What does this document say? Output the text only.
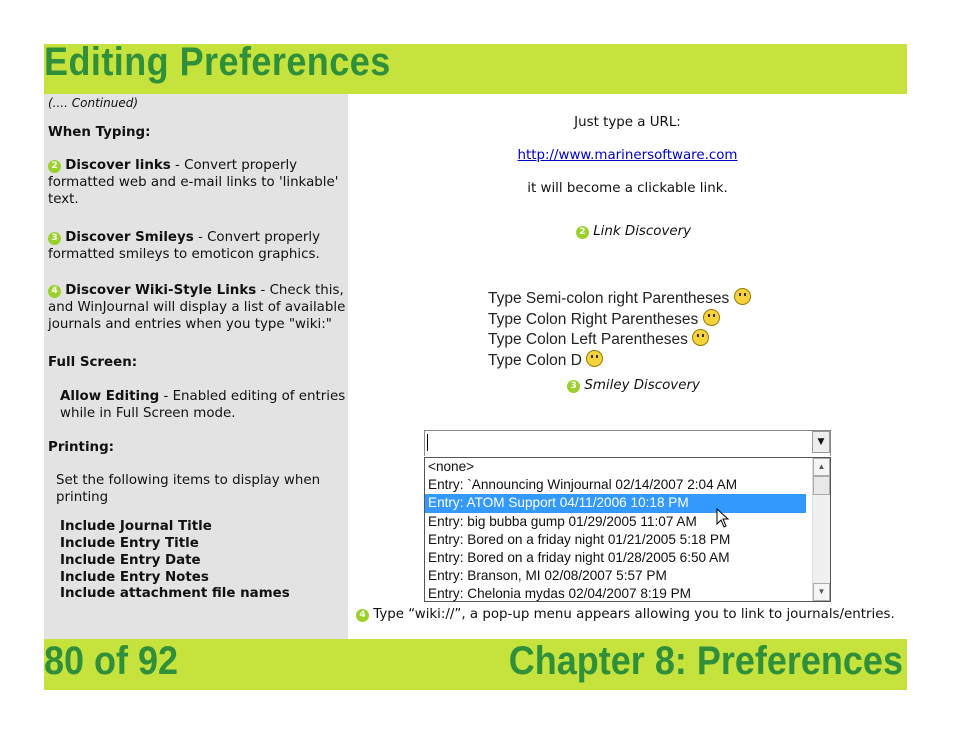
Editing Preferences

(.... Continued)

When Typing:

2 Discover links - Convert properly formatted web and e-mail links to 'linkable' text.

3 Discover Smileys - Convert properly formatted smileys to emoticon graphics.

4 Discover Wiki-Style Links - Check this, and WinJournal will display a list of available journals and entries when you type "wiki:"

Full Screen:

Allow Editing - Enabled editing of entries while in Full Screen mode.

Printing:

Set the following items to display when printing

Include Journal Title

Include Entry Title

Include Entry Date

Include Entry Notes

Include attachment file names

Just type a URL:
http://www.marinersoftware.com
it will become a clickable link.
2 Link Discovery
Type Semi-colon right Parentheses
Type Colon Right Parentheses
Type Colon Left Parentheses
Type Colon D
3 Smiley Discovery
▼
<none>
Entry: `Announcing Winjournal 02/14/2007 2:04 AM
Entry: ATOM Support 04/11/2006 10:18 PM
Entry: big bubba gump 01/29/2005 11:07 AM
Entry: Bored on a friday night 01/21/2005 5:18 PM
Entry: Bored on a friday night 01/28/2005 6:50 AM
Entry: Branson, MI 02/08/2007 5:57 PM
Entry: Chelonia mydas 02/04/2007 8:19 PM
▲
▼
4 Type “wiki://”, a pop-up menu appears allowing you to link to journals/entries.
80 of 92	Chapter 8: Preferences
